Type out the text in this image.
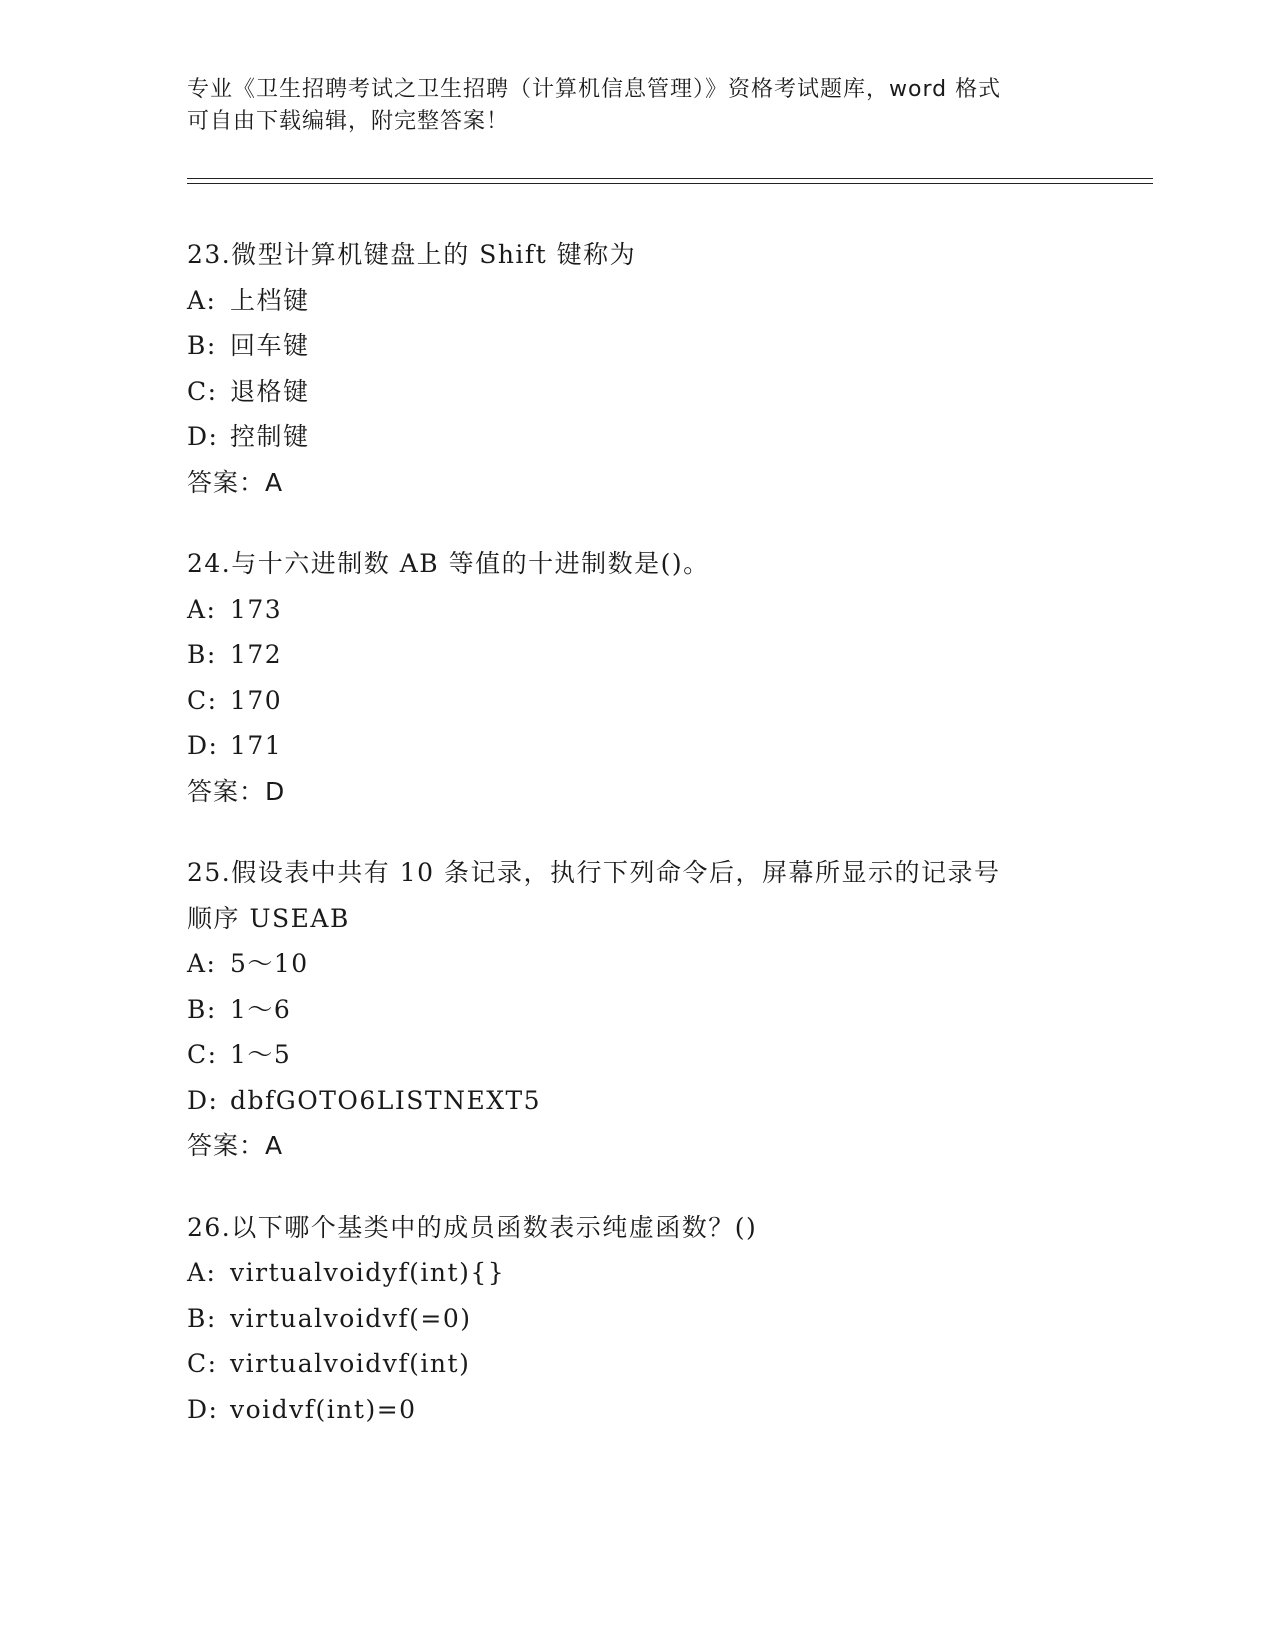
专业《卫生招聘考试之卫生招聘（计算机信息管理）》资格考试题库，word 格式
可自由下载编辑，附完整答案！
23.微型计算机键盘上的 Shift 键称为
A: 上档键
B: 回车键
C: 退格键
D: 控制键
答案：A
24.与十六进制数 AB 等值的十进制数是()。
A: 173
B: 172
C: 170
D: 171
答案：D
25.假设表中共有 10 条记录，执行下列命令后，屏幕所显示的记录号
顺序 USEAB
A: 5～10
B: 1～6
C: 1～5
D: dbfGOTO6LISTNEXT5
答案：A
26.以下哪个基类中的成员函数表示纯虚函数？()
A: virtualvoidyf(int){}
B: virtualvoidvf(=0)
C: virtualvoidvf(int)
D: voidvf(int)=0
